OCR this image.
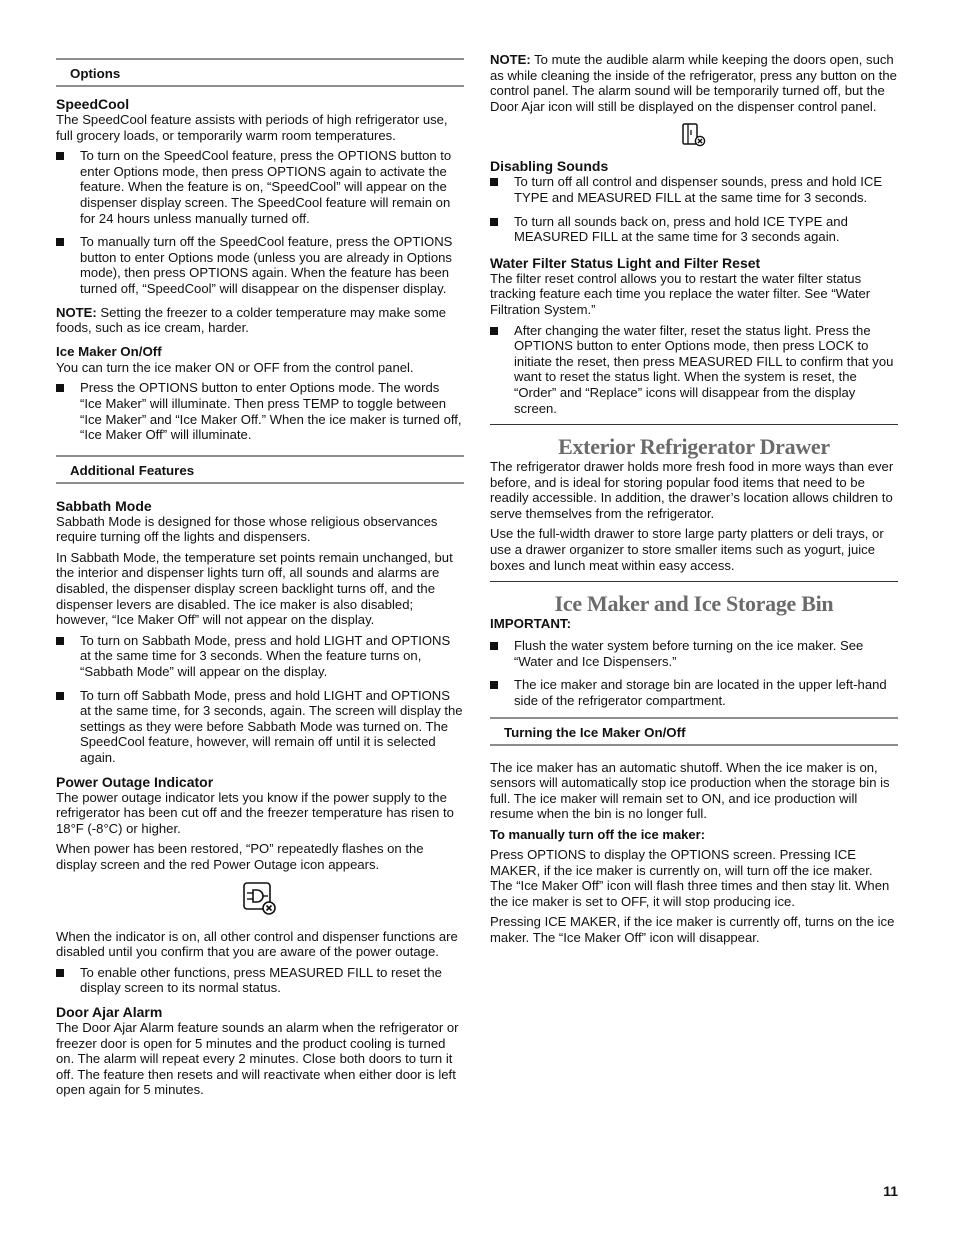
Options
SpeedCool

The SpeedCool feature assists with periods of high refrigerator use, full grocery loads, or temporarily warm room temperatures.

To turn on the SpeedCool feature, press the OPTIONS button to enter Options mode, then press OPTIONS again to activate the feature. When the feature is on, “SpeedCool” will appear on the dispenser display screen. The SpeedCool feature will remain on for 24 hours unless manually turned off.
To manually turn off the SpeedCool feature, press the OPTIONS button to enter Options mode (unless you are already in Options mode), then press OPTIONS again. When the feature has been turned off, “SpeedCool” will disappear on the dispenser display.

NOTE: Setting the freezer to a colder temperature may make some foods, such as ice cream, harder.

Ice Maker On/Off

You can turn the ice maker ON or OFF from the control panel.

Press the OPTIONS button to enter Options mode. The words “Ice Maker” will illuminate. Then press TEMP to toggle between “Ice Maker” and “Ice Maker Off.” When the ice maker is turned off, “Ice Maker Off” will illuminate.
Additional Features
Sabbath Mode

Sabbath Mode is designed for those whose religious observances require turning off the lights and dispensers.

In Sabbath Mode, the temperature set points remain unchanged, but the interior and dispenser lights turn off, all sounds and alarms are disabled, the dispenser display screen backlight turns off, and the dispenser levers are disabled. The ice maker is also disabled; however, “Ice Maker Off” will not appear on the display.

To turn on Sabbath Mode, press and hold LIGHT and OPTIONS at the same time for 3 seconds. When the feature turns on, “Sabbath Mode” will appear on the display.
To turn off Sabbath Mode, press and hold LIGHT and OPTIONS at the same time, for 3 seconds, again. The screen will display the settings as they were before Sabbath Mode was turned on. The SpeedCool feature, however, will remain off until it is selected again.
Power Outage Indicator

The power outage indicator lets you know if the power supply to the refrigerator has been cut off and the freezer temperature has risen to 18°F (-8°C) or higher.

When power has been restored, “PO” repeatedly flashes on the display screen and the red Power Outage icon appears.

When the indicator is on, all other control and dispenser functions are disabled until you confirm that you are aware of the power outage.

To enable other functions, press MEASURED FILL to reset the display screen to its normal status.
Door Ajar Alarm

The Door Ajar Alarm feature sounds an alarm when the refrigerator or freezer door is open for 5 minutes and the product cooling is turned on. The alarm will repeat every 2 minutes. Close both doors to turn it off. The feature then resets and will reactivate when either door is left open again for 5 minutes.

NOTE: To mute the audible alarm while keeping the doors open, such as while cleaning the inside of the refrigerator, press any button on the control panel. The alarm sound will be temporarily turned off, but the Door Ajar icon will still be displayed on the dispenser control panel.

Disabling Sounds
To turn off all control and dispenser sounds, press and hold ICE TYPE and MEASURED FILL at the same time for 3 seconds.
To turn all sounds back on, press and hold ICE TYPE and MEASURED FILL at the same time for 3 seconds again.
Water Filter Status Light and Filter Reset

The filter reset control allows you to restart the water filter status tracking feature each time you replace the water filter. See “Water Filtration System.”

After changing the water filter, reset the status light. Press the OPTIONS button to enter Options mode, then press LOCK to initiate the reset, then press MEASURED FILL to confirm that you want to reset the status light. When the system is reset, the “Order” and “Replace” icons will disappear from the display screen.
Exterior Refrigerator Drawer

The refrigerator drawer holds more fresh food in more ways than ever before, and is ideal for storing popular food items that need to be readily accessible. In addition, the drawer’s location allows children to serve themselves from the refrigerator.

Use the full-width drawer to store large party platters or deli trays, or use a drawer organizer to store smaller items such as yogurt, juice boxes and lunch meat within easy access.

Ice Maker and Ice Storage Bin
IMPORTANT:
Flush the water system before turning on the ice maker. See “Water and Ice Dispensers.”
The ice maker and storage bin are located in the upper left-hand side of the refrigerator compartment.
Turning the Ice Maker On/Off

The ice maker has an automatic shutoff. When the ice maker is on, sensors will automatically stop ice production when the storage bin is full. The ice maker will remain set to ON, and ice production will resume when the bin is no longer full.

To manually turn off the ice maker:

Press OPTIONS to display the OPTIONS screen. Pressing ICE MAKER, if the ice maker is currently on, will turn off the ice maker. The “Ice Maker Off” icon will flash three times and then stay lit. When the ice maker is set to OFF, it will stop producing ice.

Pressing ICE MAKER, if the ice maker is currently off, turns on the ice maker. The “Ice Maker Off” icon will disappear.

11
